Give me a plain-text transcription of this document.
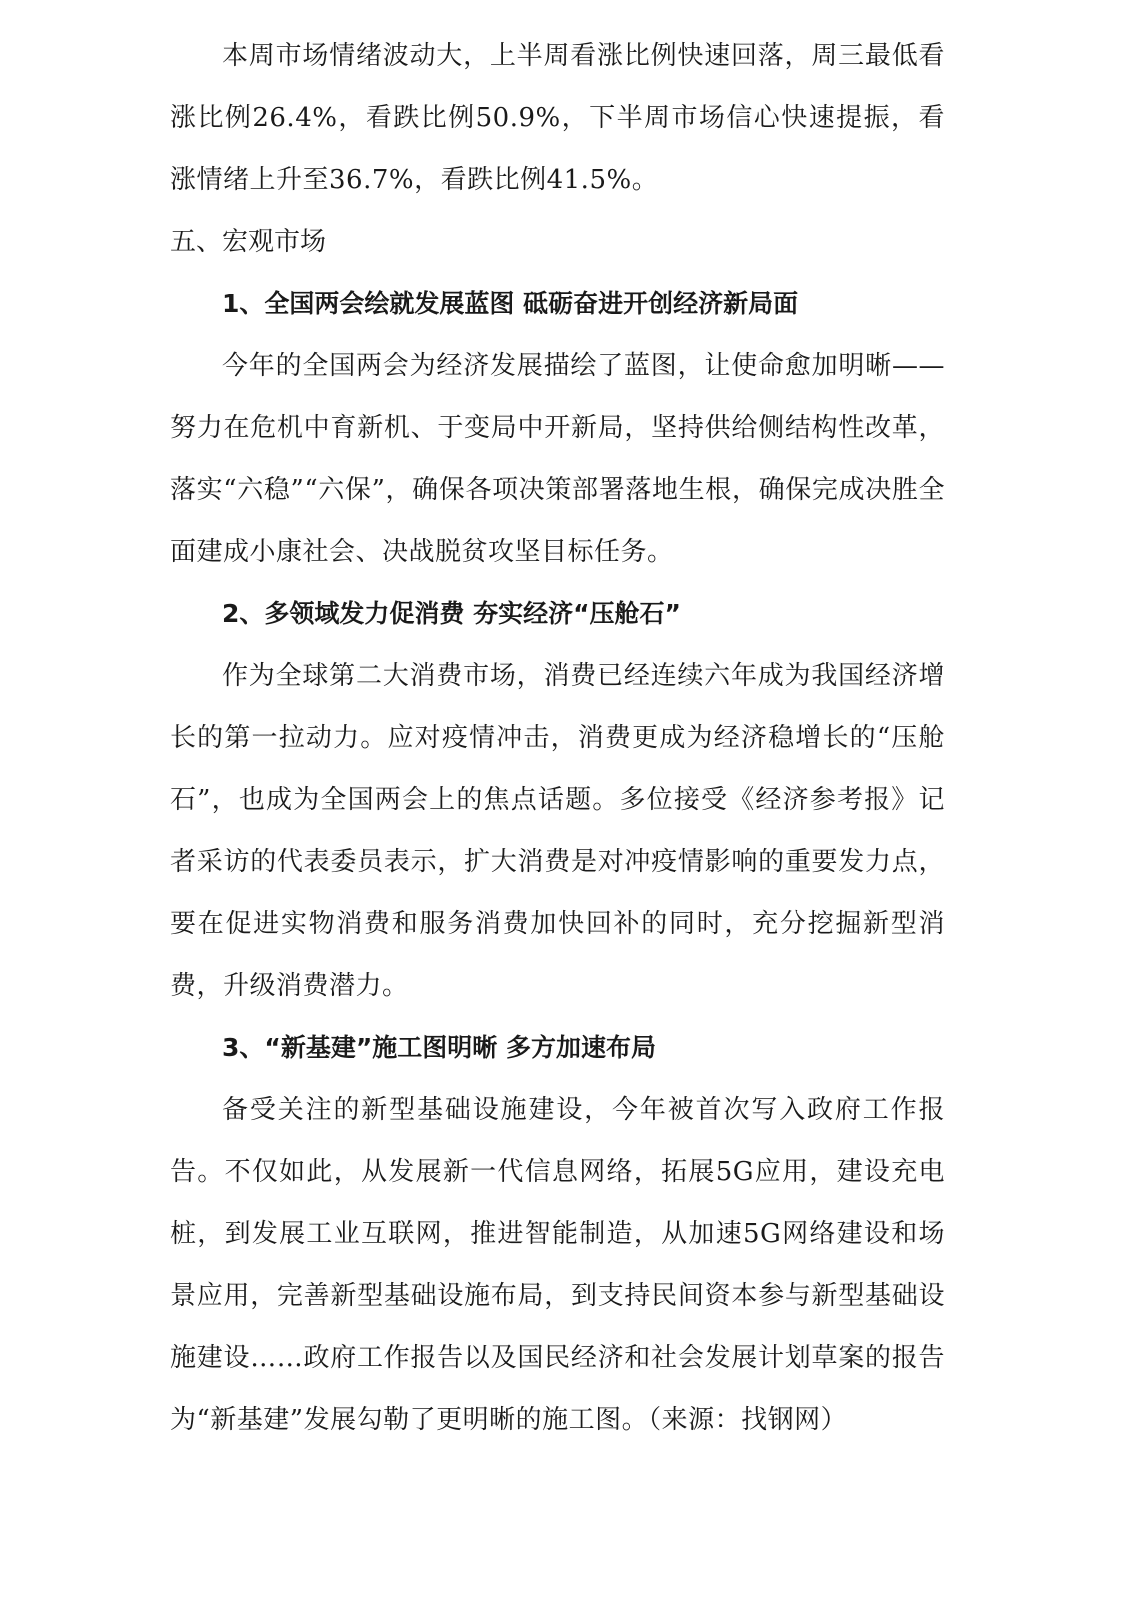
本周市场情绪波动大，上半周看涨比例快速回落，周三最低看涨比例26.4%，看跌比例50.9%，下半周市场信心快速提振，看涨情绪上升至36.7%，看跌比例41.5%。

五、宏观市场

1、全国两会绘就发展蓝图 砥砺奋进开创经济新局面

今年的全国两会为经济发展描绘了蓝图，让使命愈加明晰——努力在危机中育新机、于变局中开新局，坚持供给侧结构性改革，落实“六稳”“六保”，确保各项决策部署落地生根，确保完成决胜全面建成小康社会、决战脱贫攻坚目标任务。

2、多领域发力促消费 夯实经济“压舱石”

作为全球第二大消费市场，消费已经连续六年成为我国经济增长的第一拉动力。应对疫情冲击，消费更成为经济稳增长的“压舱石”，也成为全国两会上的焦点话题。多位接受《经济参考报》记者采访的代表委员表示，扩大消费是对冲疫情影响的重要发力点，要在促进实物消费和服务消费加快回补的同时，充分挖掘新型消费，升级消费潜力。

3、“新基建”施工图明晰 多方加速布局

备受关注的新型基础设施建设，今年被首次写入政府工作报告。不仅如此，从发展新一代信息网络，拓展5G应用，建设充电桩，到发展工业互联网，推进智能制造，从加速5G网络建设和场景应用，完善新型基础设施布局，到支持民间资本参与新型基础设施建设……政府工作报告以及国民经济和社会发展计划草案的报告为“新基建”发展勾勒了更明晰的施工图。（来源：找钢网）
